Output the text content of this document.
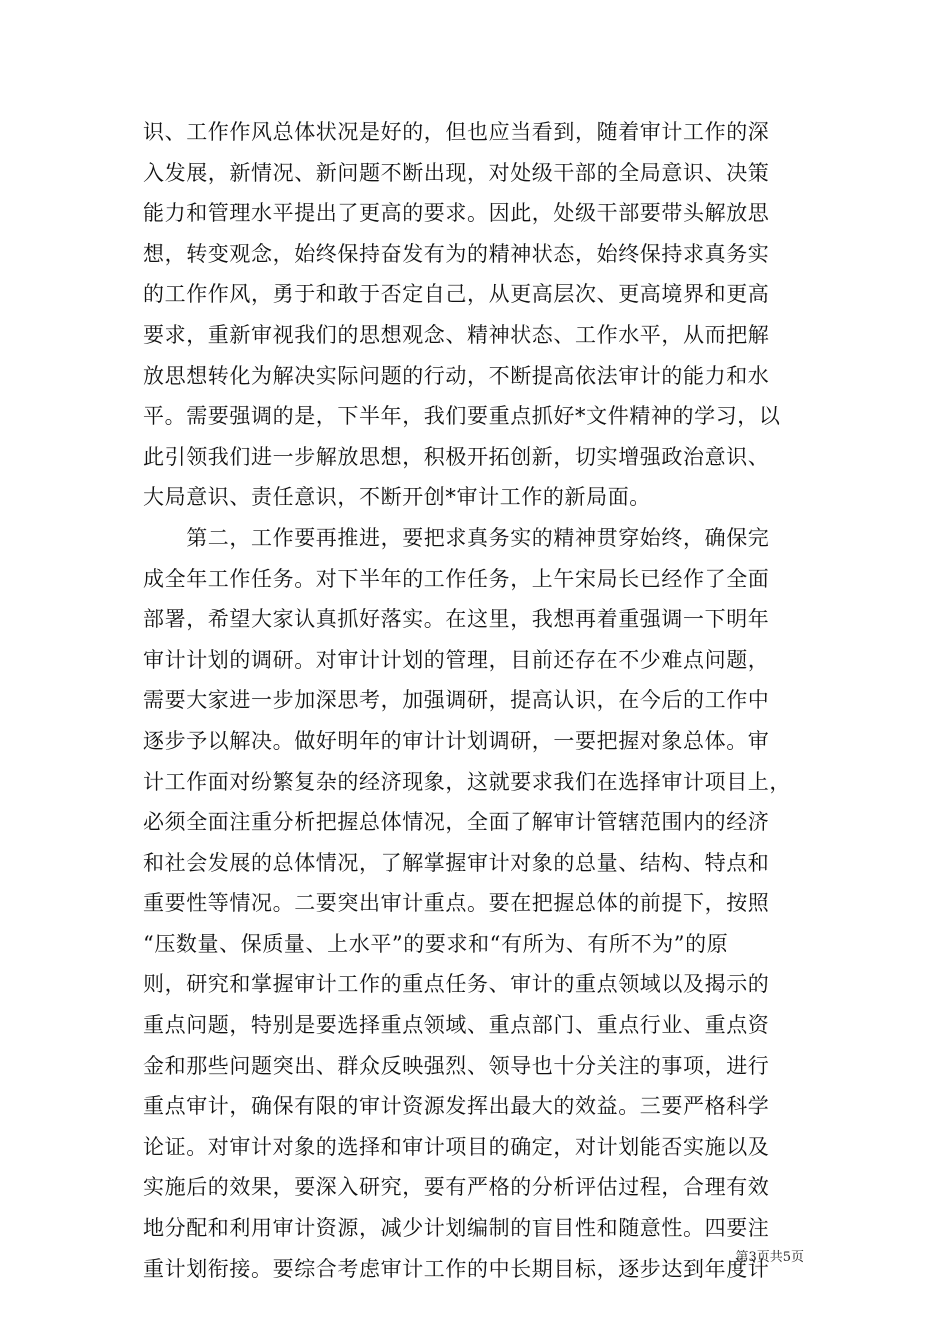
识、工作作风总体状况是好的，但也应当看到，随着审计工作的深
入发展，新情况、新问题不断出现，对处级干部的全局意识、决策
能力和管理水平提出了更高的要求。因此，处级干部要带头解放思
想，转变观念，始终保持奋发有为的精神状态，始终保持求真务实
的工作作风，勇于和敢于否定自己，从更高层次、更高境界和更高
要求，重新审视我们的思想观念、精神状态、工作水平，从而把解
放思想转化为解决实际问题的行动，不断提高依法审计的能力和水
平。需要强调的是，下半年，我们要重点抓好*文件精神的学习，以
此引领我们进一步解放思想，积极开拓创新，切实增强政治意识、
大局意识、责任意识，不断开创*审计工作的新局面。
　　第二，工作要再推进，要把求真务实的精神贯穿始终，确保完
成全年工作任务。对下半年的工作任务，上午宋局长已经作了全面
部署，希望大家认真抓好落实。在这里，我想再着重强调一下明年
审计计划的调研。对审计计划的管理，目前还存在不少难点问题，
需要大家进一步加深思考，加强调研，提高认识，在今后的工作中
逐步予以解决。做好明年的审计计划调研，一要把握对象总体。审
计工作面对纷繁复杂的经济现象，这就要求我们在选择审计项目上，
必须全面注重分析把握总体情况，全面了解审计管辖范围内的经济
和社会发展的总体情况，了解掌握审计对象的总量、结构、特点和
重要性等情况。二要突出审计重点。要在把握总体的前提下，按照
“压数量、保质量、上水平”的要求和“有所为、有所不为”的原
则，研究和掌握审计工作的重点任务、审计的重点领域以及揭示的
重点问题，特别是要选择重点领域、重点部门、重点行业、重点资
金和那些问题突出、群众反映强烈、领导也十分关注的事项，进行
重点审计，确保有限的审计资源发挥出最大的效益。三要严格科学
论证。对审计对象的选择和审计项目的确定，对计划能否实施以及
实施后的效果，要深入研究，要有严格的分析评估过程，合理有效
地分配和利用审计资源，减少计划编制的盲目性和随意性。四要注
重计划衔接。要综合考虑审计工作的中长期目标，逐步达到年度计
第3页共5页
